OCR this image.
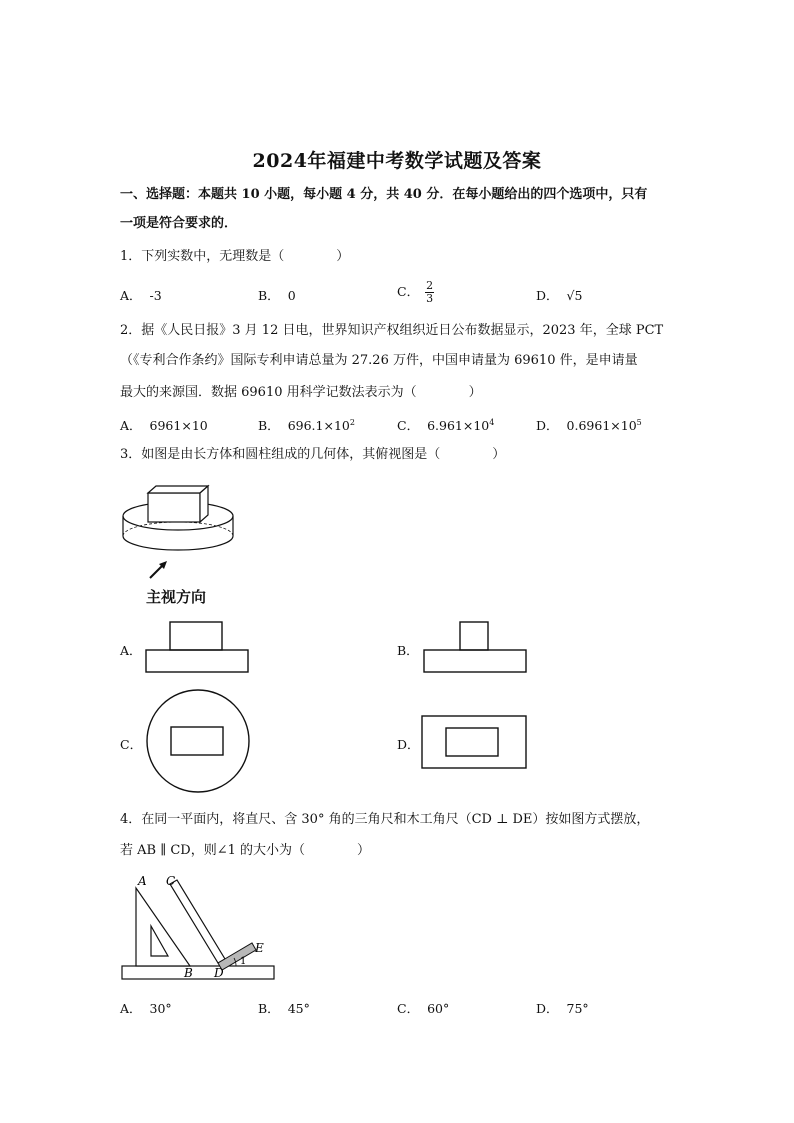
2024年福建中考数学试题及答案
一、选择题：本题共 10 小题，每小题 4 分，共 40 分．在每小题给出的四个选项中，只有
一项是符合要求的．
1．下列实数中，无理数是（　　　　）
A． -3	B． 0	C． $\frac{2}{3}$	D． √5
2．据《人民日报》3 月 12 日电，世界知识产权组织近日公布数据显示，2023 年，全球 PCT
（《专利合作条约》国际专利申请总量为 27.26 万件，中国申请量为 69610 件，是申请量
最大的来源国．数据 69610 用科学记数法表示为（　　　　）
A． 6961×10	B． $696.1\times 10^2$	C． $6.961\times 10^4$	D． $0.6961\times 10^5$
3．如图是由长方体和圆柱组成的几何体，其俯视图是（　　　　）
主视方向
A．	B．
C．	D．
4．在同一平面内，将直尺、含 30° 角的三角尺和木工角尺（CD ⊥ DE）按如图方式摆放，
若 AB ∥ CD，则∠1 的大小为（　　　　）
A C
B D
E
1
A． 30°	B． 45°	C． 60°	D． 75°
